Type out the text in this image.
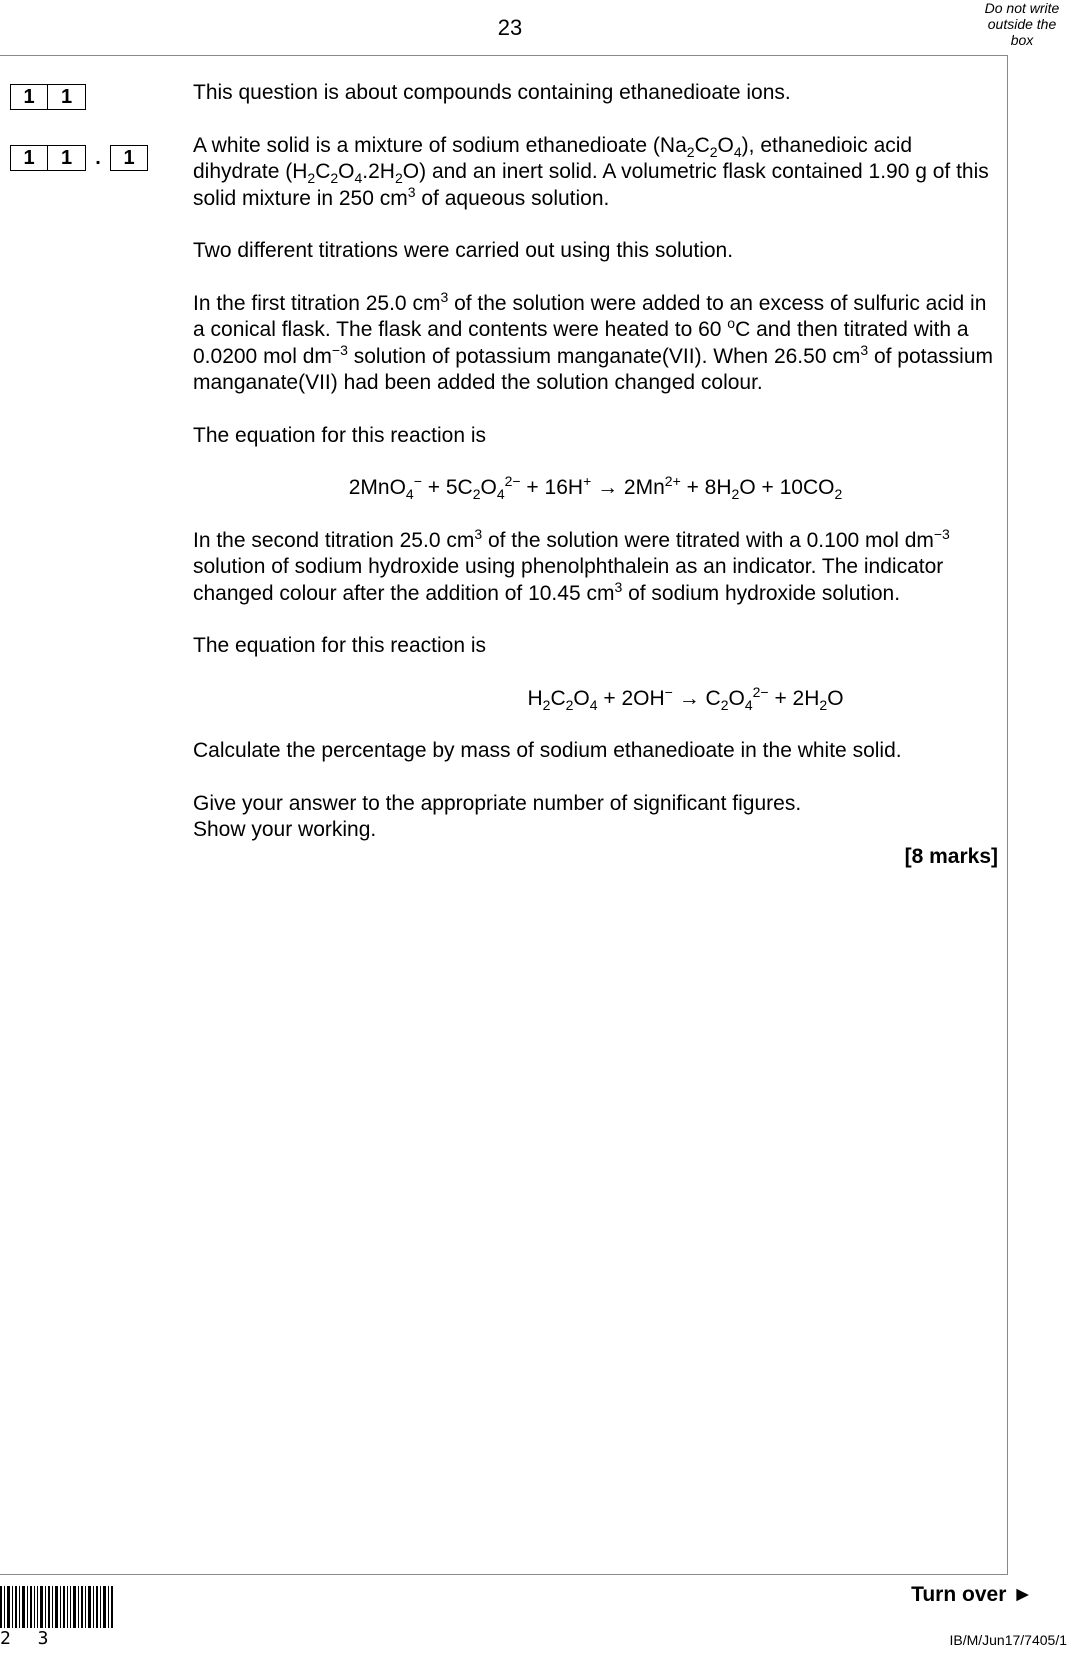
23
Do not write
outside the
box
1	1
1	1	.	1

This question is about compounds containing ethanedioate ions.

A white solid is a mixture of sodium ethanedioate $(Na_2C_2O_4)$, ethanedioic acid dihydrate $(H_2C_2O_4.2H_2O)$ and an inert solid. A volumetric flask contained 1.90 g of this solid mixture in 250 $cm^3$ of aqueous solution.

Two different titrations were carried out using this solution.

In the first titration 25.0 $cm^3$ of the solution were added to an excess of sulfuric acid in a conical flask. The flask and contents were heated to 60 $^o$C and then titrated with a 0.0200 mol $dm^{-3}$ solution of potassium manganate(VII). When 26.50 $cm^3$ of potassium manganate(VII) had been added the solution changed colour.

The equation for this reaction is

$2MnO_4^- + 5C_2O_4^{2-} + 16H^+ \to 2Mn^{2+} + 8H_2O + 10CO_2$

In the second titration 25.0 $cm^3$ of the solution were titrated with a 0.100 mol $dm^{-3}$ solution of sodium hydroxide using phenolphthalein as an indicator. The indicator changed colour after the addition of 10.45 $cm^3$ of sodium hydroxide solution.

The equation for this reaction is

$H_2C_2O_4 + 2OH^- \to C_2O_4^{2-} + 2H_2O$

Calculate the percentage by mass of sodium ethanedioate in the white solid.

Give your answer to the appropriate number of significant figures.
Show your working.

[8 marks]

2 3
Turn over ►
IB/M/Jun17/7405/1
